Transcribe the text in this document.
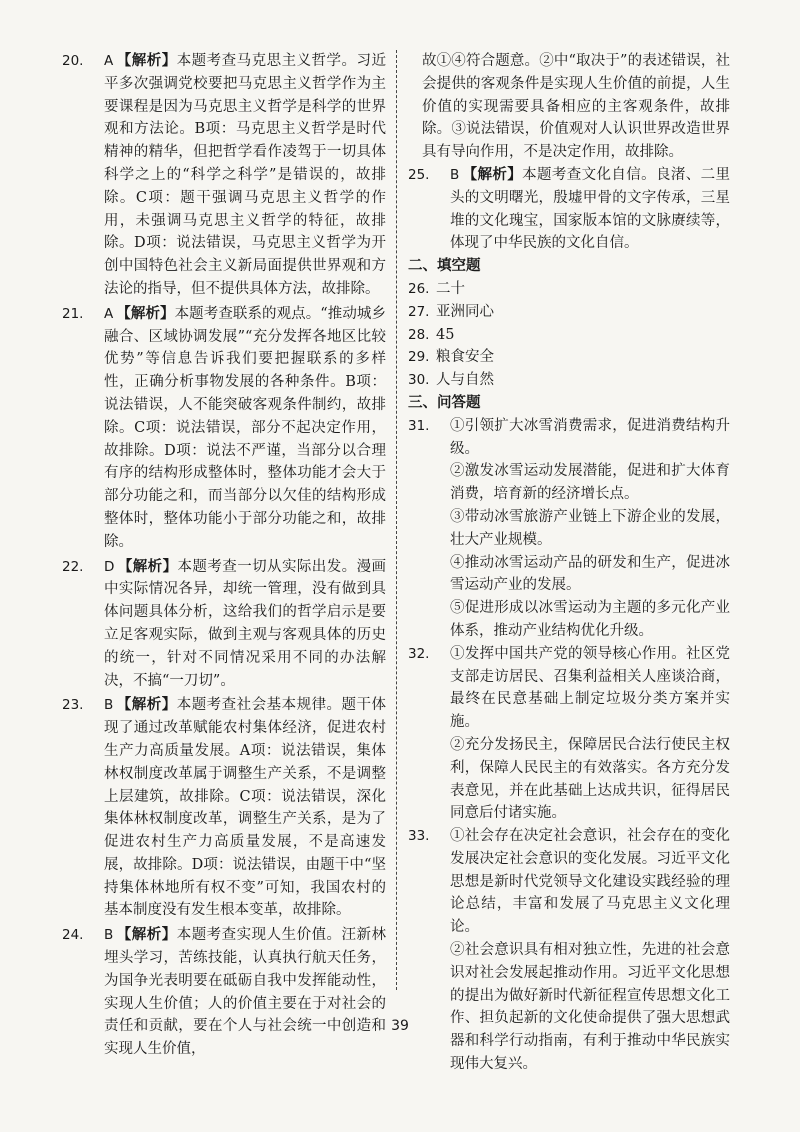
20.	A 【解析】本题考查马克思主义哲学。习近平多次强调党校要把马克思主义哲学作为主要课程是因为马克思主义哲学是科学的世界观和方法论。B项：马克思主义哲学是时代精神的精华，但把哲学看作凌驾于一切具体科学之上的“科学之科学”是错误的，故排除。C项：题干强调马克思主义哲学的作用，未强调马克思主义哲学的特征，故排除。D项：说法错误，马克思主义哲学为开创中国特色社会主义新局面提供世界观和方法论的指导，但不提供具体方法，故排除。
21.	A 【解析】本题考查联系的观点。“推动城乡融合、区域协调发展”“充分发挥各地区比较优势”等信息告诉我们要把握联系的多样性，正确分析事物发展的各种条件。B项：说法错误，人不能突破客观条件制约，故排除。C项：说法错误，部分不起决定作用，故排除。D项：说法不严谨，当部分以合理有序的结构形成整体时，整体功能才会大于部分功能之和，而当部分以欠佳的结构形成整体时，整体功能小于部分功能之和，故排除。
22.	D 【解析】本题考查一切从实际出发。漫画中实际情况各异，却统一管理，没有做到具体问题具体分析，这给我们的哲学启示是要立足客观实际，做到主观与客观具体的历史的统一，针对不同情况采用不同的办法解决，不搞“一刀切”。
23.	B 【解析】本题考查社会基本规律。题干体现了通过改革赋能农村集体经济，促进农村生产力高质量发展。A项：说法错误，集体林权制度改革属于调整生产关系，不是调整上层建筑，故排除。C项：说法错误，深化集体林权制度改革，调整生产关系，是为了促进农村生产力高质量发展，不是高速发展，故排除。D项：说法错误，由题干中“坚持集体林地所有权不变”可知，我国农村的基本制度没有发生根本变革，故排除。
24.	B 【解析】本题考查实现人生价值。汪新林埋头学习，苦练技能，认真执行航天任务，为国争光表明要在砥砺自我中发挥能动性，实现人生价值；人的价值主要在于对社会的责任和贡献，要在个人与社会统一中创造和实现人生价值，
故①④符合题意。②中“取决于”的表述错误，社会提供的客观条件是实现人生价值的前提，人生价值的实现需要具备相应的主客观条件，故排除。③说法错误，价值观对人认识世界改造世界具有导向作用，不是决定作用，故排除。
25.	B 【解析】本题考查文化自信。良渚、二里头的文明曙光，殷墟甲骨的文字传承，三星堆的文化瑰宝，国家版本馆的文脉赓续等，体现了中华民族的文化自信。
二、填空题
26. 二十
27. 亚洲同心
28. 45
29. 粮食安全
30. 人与自然
三、问答题
31.	①引领扩大冰雪消费需求，促进消费结构升级。
②激发冰雪运动发展潜能，促进和扩大体育消费，培育新的经济增长点。
③带动冰雪旅游产业链上下游企业的发展，壮大产业规模。
④推动冰雪运动产品的研发和生产，促进冰雪运动产业的发展。
⑤促进形成以冰雪运动为主题的多元化产业体系，推动产业结构优化升级。
32.	①发挥中国共产党的领导核心作用。社区党支部走访居民、召集利益相关人座谈洽商，最终在民意基础上制定垃圾分类方案并实施。
②充分发扬民主，保障居民合法行使民主权利，保障人民民主的有效落实。各方充分发表意见，并在此基础上达成共识，征得居民同意后付诸实施。
33.	①社会存在决定社会意识，社会存在的变化发展决定社会意识的变化发展。习近平文化思想是新时代党领导文化建设实践经验的理论总结，丰富和发展了马克思主义文化理论。
②社会意识具有相对独立性，先进的社会意识对社会发展起推动作用。习近平文化思想的提出为做好新时代新征程宣传思想文化工作、担负起新的文化使命提供了强大思想武器和科学行动指南，有利于推动中华民族实现伟大复兴。
39
